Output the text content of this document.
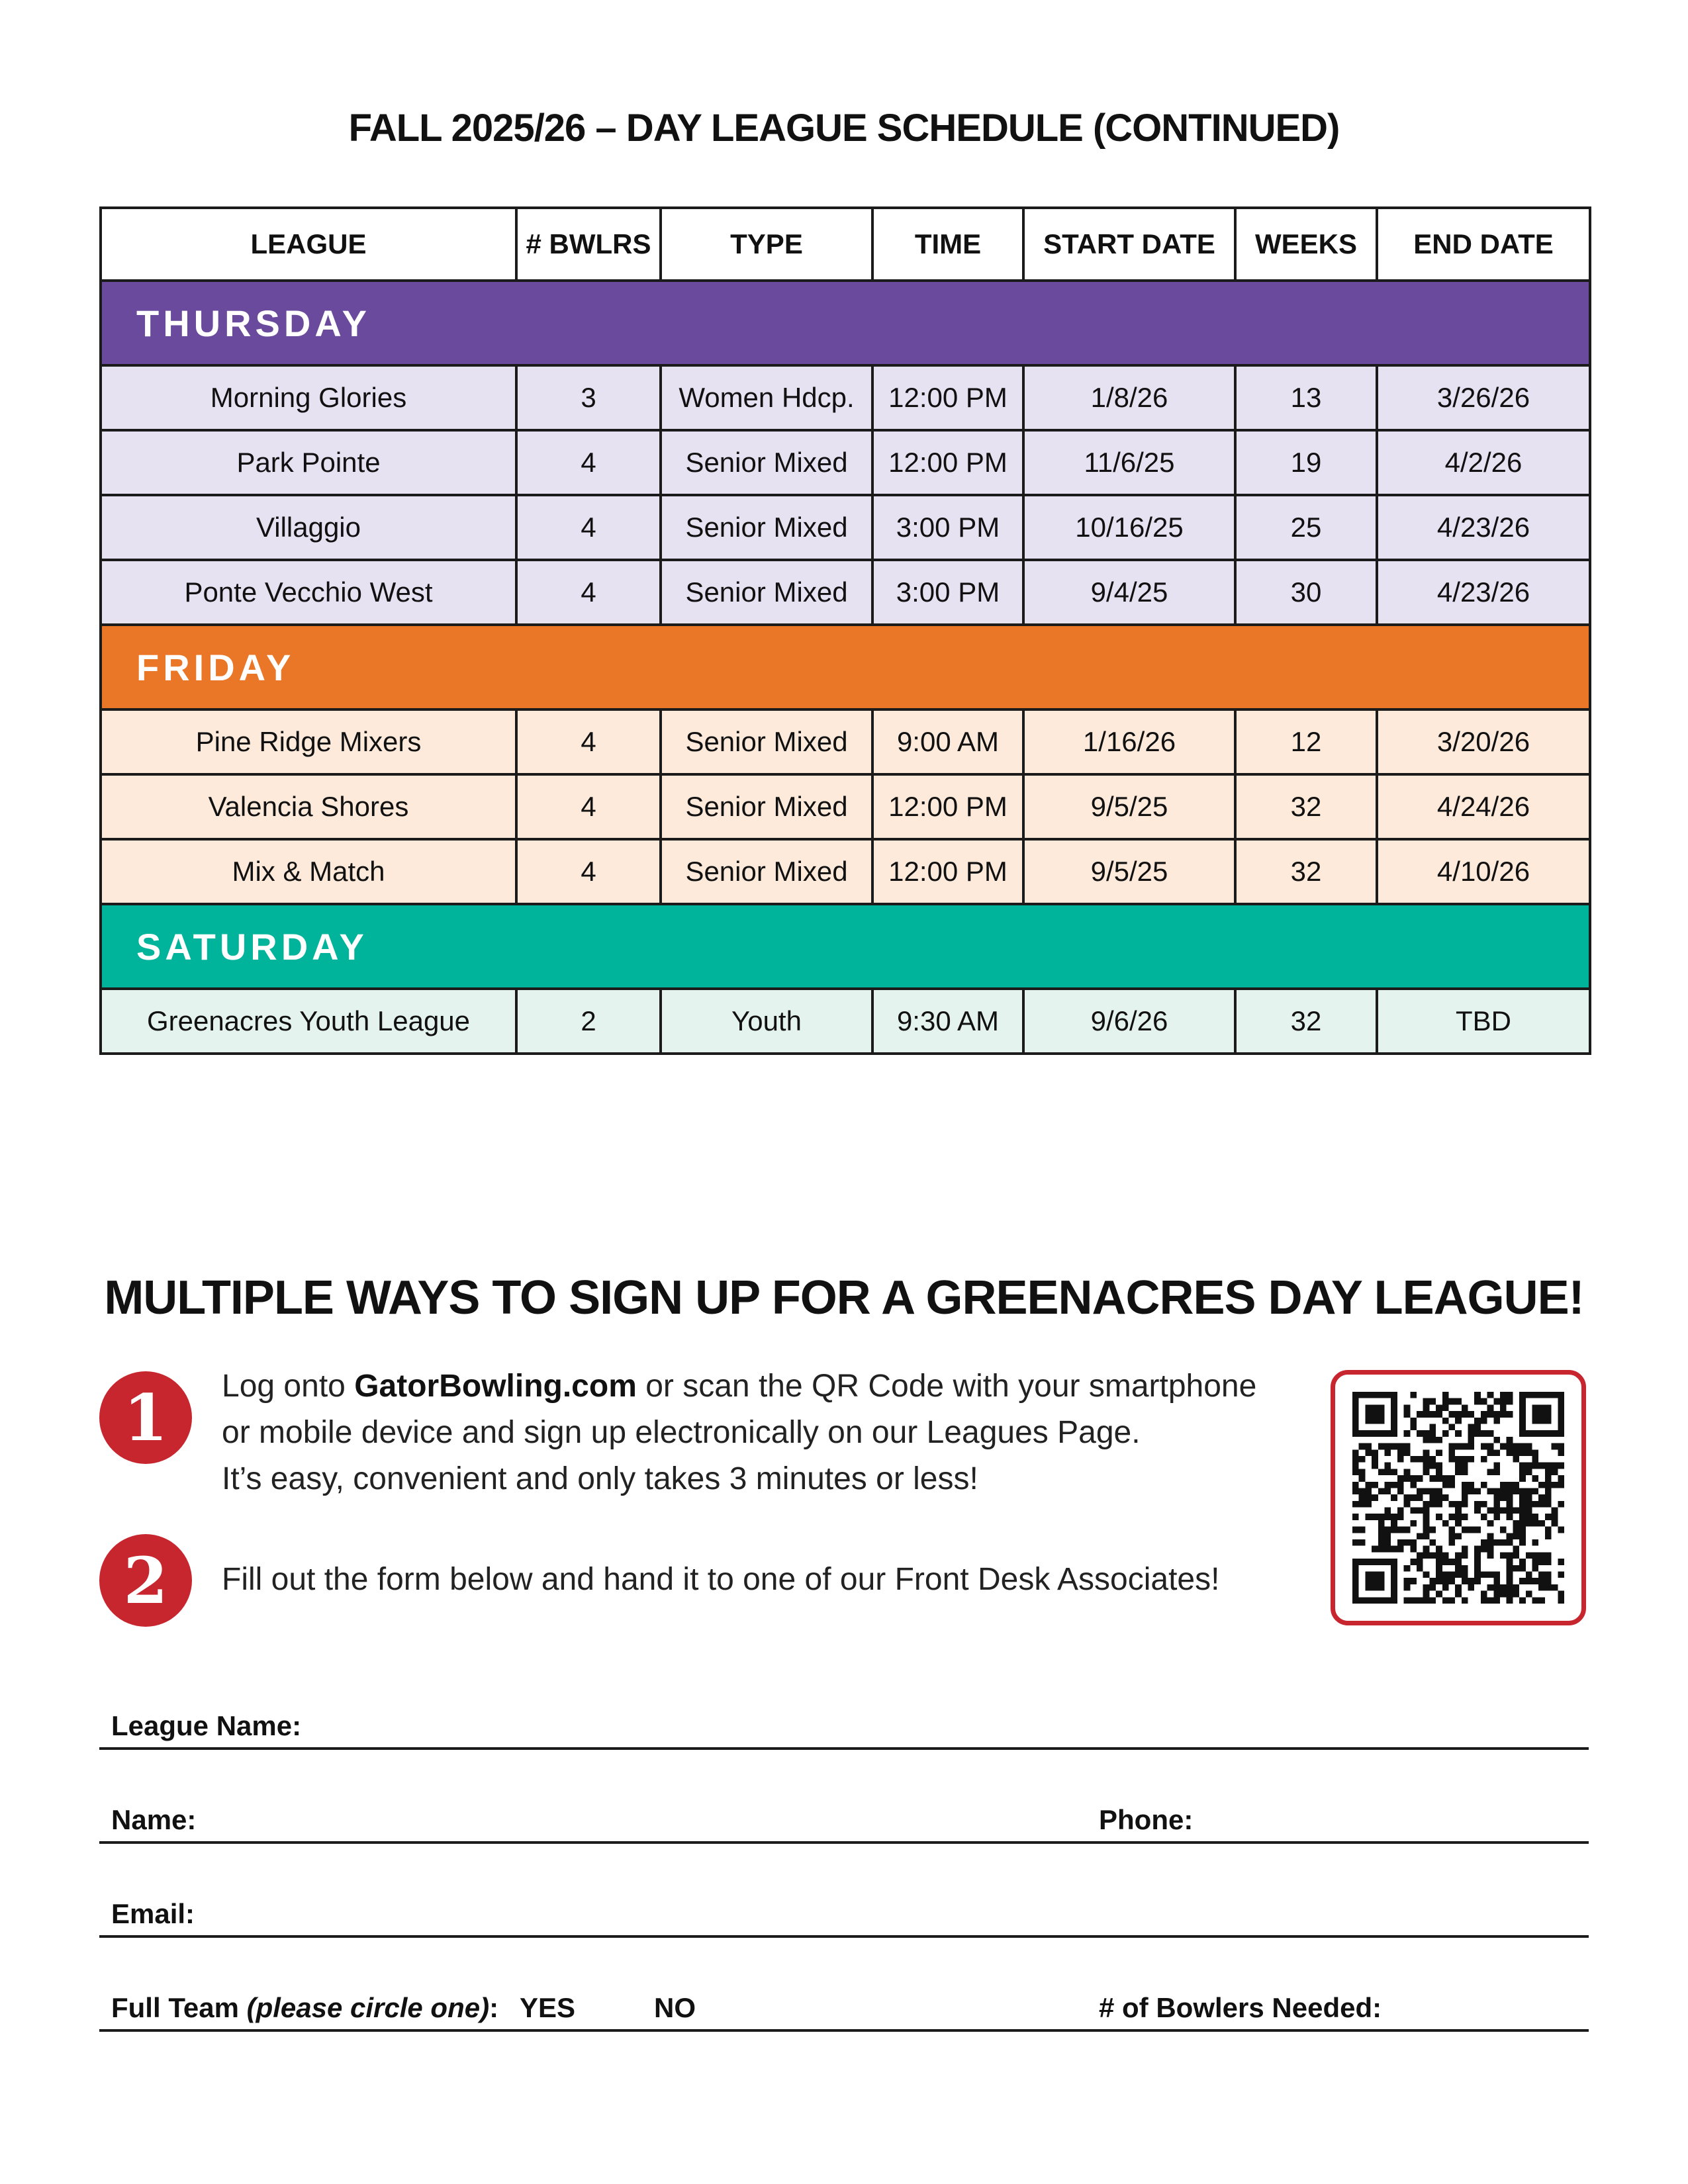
FALL 2025/26 – DAY LEAGUE SCHEDULE (CONTINUED)
LEAGUE	# BWLRS	TYPE	TIME	START DATE	WEEKS	END DATE
THURSDAY						
Morning Glories	3	Women Hdcp.	12:00 PM	1/8/26	13	3/26/26
Park Pointe	4	Senior Mixed	12:00 PM	11/6/25	19	4/2/26
Villaggio	4	Senior Mixed	3:00 PM	10/16/25	25	4/23/26
Ponte Vecchio West	4	Senior Mixed	3:00 PM	9/4/25	30	4/23/26
FRIDAY						
Pine Ridge Mixers	4	Senior Mixed	9:00 AM	1/16/26	12	3/20/26
Valencia Shores	4	Senior Mixed	12:00 PM	9/5/25	32	4/24/26
Mix & Match	4	Senior Mixed	12:00 PM	9/5/25	32	4/10/26
SATURDAY						
Greenacres Youth League	2	Youth	9:30 AM	9/6/26	32	TBD
MULTIPLE WAYS TO SIGN UP FOR A GREENACRES DAY LEAGUE!
1	Log onto GatorBowling.com or scan the QR Code with your smartphone
or mobile device and sign up electronically on our Leagues Page.
It’s easy, convenient and only takes 3 minutes or less!
2	Fill out the form below and hand it to one of our Front Desk Associates!
League Name:
Name:	Phone:
Email:
Full Team (please circle one): YES	NO	# of Bowlers Needed:
